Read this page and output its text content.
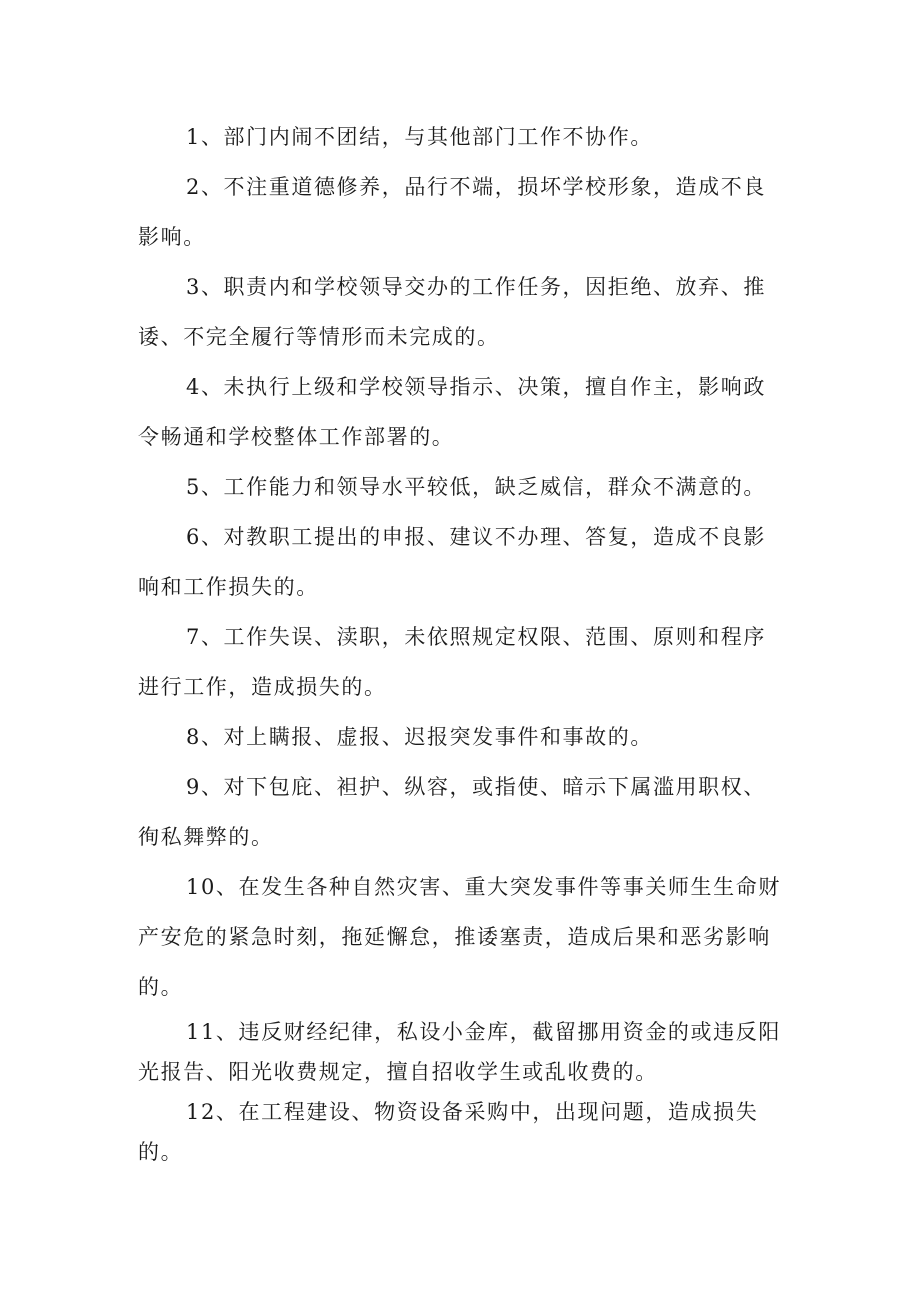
1、部门内闹不团结，与其他部门工作不协作。

2、不注重道德修养，品行不端，损坏学校形象，造成不良影响。

3、职责内和学校领导交办的工作任务，因拒绝、放弃、推诿、不完全履行等情形而未完成的。

4、未执行上级和学校领导指示、决策，擅自作主，影响政令畅通和学校整体工作部署的。

5、工作能力和领导水平较低，缺乏威信，群众不满意的。

6、对教职工提出的申报、建议不办理、答复，造成不良影响和工作损失的。

7、工作失误、渎职，未依照规定权限、范围、原则和程序进行工作，造成损失的。

8、对上瞒报、虚报、迟报突发事件和事故的。

9、对下包庇、袒护、纵容，或指使、暗示下属滥用职权、徇私舞弊的。

10、在发生各种自然灾害、重大突发事件等事关师生生命财产安危的紧急时刻，拖延懈怠，推诿塞责，造成后果和恶劣影响的。

11、违反财经纪律，私设小金库，截留挪用资金的或违反阳光报告、阳光收费规定，擅自招收学生或乱收费的。

12、在工程建设、物资设备采购中，出现问题，造成损失的。
